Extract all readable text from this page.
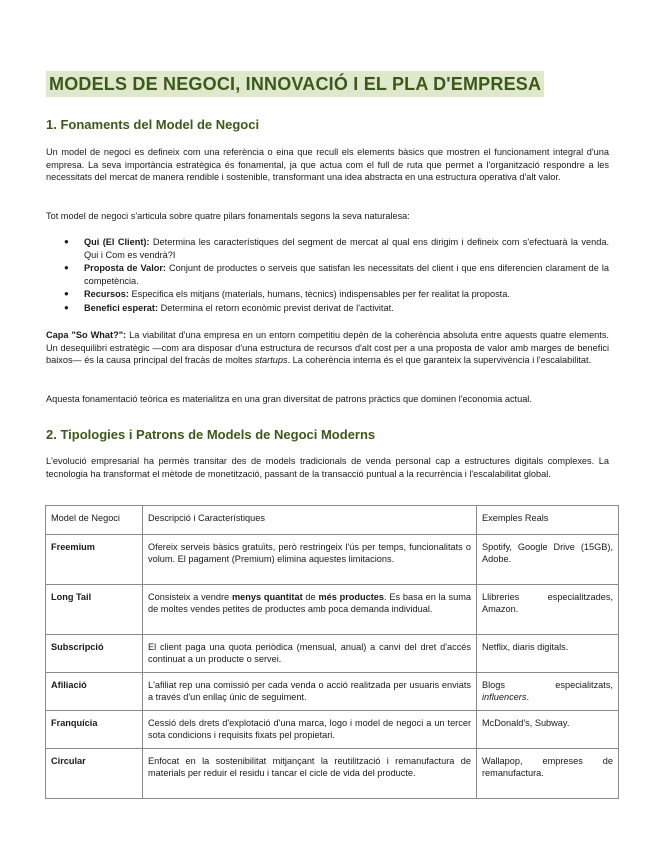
MODELS DE NEGOCI, INNOVACIÓ I EL PLA D'EMPRESA
1. Fonaments del Model de Negoci

Un model de negoci es defineix com una referència o eina que recull els elements bàsics que mostren el funcionament integral d'una empresa. La seva importància estratègica és fonamental, ja que actua com el full de ruta que permet a l'organització respondre a les necessitats del mercat de manera rendible i sostenible, transformant una idea abstracta en una estructura operativa d'alt valor.

Tot model de negoci s'articula sobre quatre pilars fonamentals segons la seva naturalesa:

● Qui (El Client): Determina les característiques del segment de mercat al qual ens dirigim i defineix com s'efectuarà la venda. Qui i Com es vendrà?I
● Proposta de Valor: Conjunt de productes o serveis que satisfan les necessitats del client i que ens diferencien clarament de la competència.
● Recursos: Especifica els mitjans (materials, humans, tècnics) indispensables per fer realitat la proposta.
● Benefici esperat: Determina el retorn econòmic previst derivat de l'activitat.

Capa "So What?": La viabilitat d'una empresa en un entorn competitiu depèn de la coherència absoluta entre aquests quatre elements. Un desequilibri estratègic —com ara disposar d'una estructura de recursos d'alt cost per a una proposta de valor amb marges de benefici baixos— és la causa principal del fracàs de moltes startups. La coherència interna és el que garanteix la supervivència i l'escalabilitat.

Aquesta fonamentació teòrica es materialitza en una gran diversitat de patrons pràctics que dominen l'economia actual.

2. Tipologies i Patrons de Models de Negoci Moderns

L'evolució empresarial ha permès transitar des de models tradicionals de venda personal cap a estructures digitals complexes. La tecnologia ha transformat el mètode de monetització, passant de la transacció puntual a la recurrència i l'escalabilitat global.

Model de Negoci	Descripció i Característiques	Exemples Reals
Freemium	Ofereix serveis bàsics gratuïts, però restringeix l'ús per temps, funcionalitats o volum. El pagament (Premium) elimina aquestes limitacions.	Spotify, Google Drive (15GB), Adobe.
Long Tail	Consisteix a vendre menys quantitat de més productes. Es basa en la suma de moltes vendes petites de productes amb poca demanda individual.	Llibreries especialitzades, Amazon.
Subscripció	El client paga una quota periòdica (mensual, anual) a canvi del dret d'accés continuat a un producte o servei.	Netflix, diaris digitals.
Afiliació	L'afiliat rep una comissió per cada venda o acció realitzada per usuaris enviats a través d'un enllaç únic de seguiment.	Blogs especialitzats, influencers.
Franquícia	Cessió dels drets d'explotació d'una marca, logo i model de negoci a un tercer sota condicions i requisits fixats pel propietari.	McDonald's, Subway.
Circular	Enfocat en la sostenibilitat mitjançant la reutilització i remanufactura de materials per reduir el residu i tancar el cicle de vida del producte.	Wallapop, empreses de remanufactura.
